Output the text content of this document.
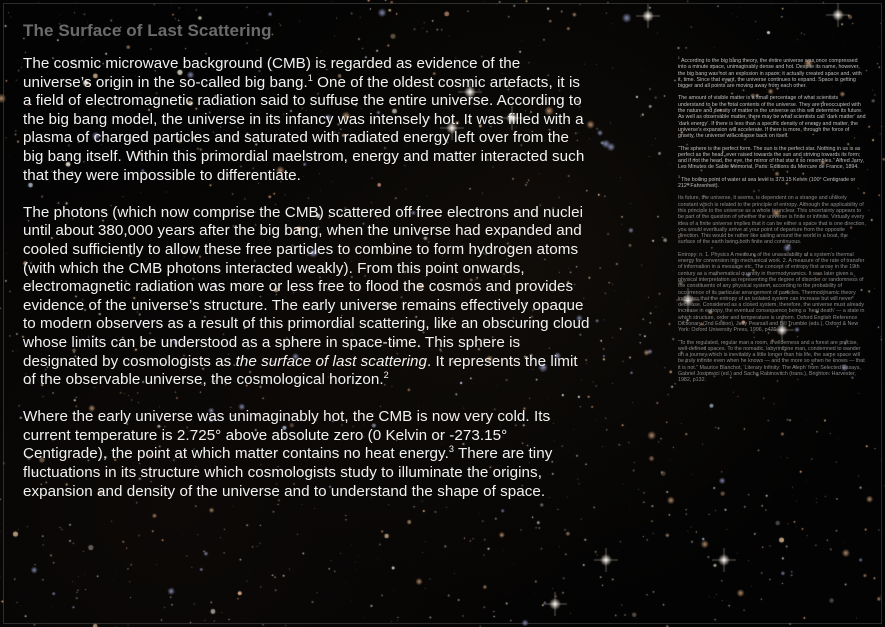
The Surface of Last Scattering

The cosmic microwave background (CMB) is regarded as evidence of the universe’s origin in the so-called big bang.$^1$ One of the oldest cosmic artefacts, it is a field of electromagnetic radiation said to suffuse the entire universe. According to the big bang model, the universe in its infancy was intensely hot. It was filled with a plasma of charged particles and saturated with radiated energy left over from the big bang itself. Within this primordial maelstrom, energy and matter interacted such that they were impossible to differentiate.

The photons (which now comprise the CMB) scattered off free electrons and nuclei until about 380,000 years after the big bang, when the universe had expanded and cooled sufficiently to allow these free particles to combine to form hydrogen atoms (with which the CMB photons interacted weakly). From this point onwards, electromagnetic radiation was more or less free to flood the cosmos and provides evidence of the universe’s structure. The early universe remains effectively opaque to modern observers as a result of this primordial scattering, like an obscuring cloud whose limits can be understood as a sphere in space-time. This sphere is designated by cosmologists as the surface of last scattering. It represents the limit of the observable universe, the cosmological horizon.$^2$

Where the early universe was unimaginably hot, the CMB is now very cold. Its current temperature is 2.725° above absolute zero (0 Kelvin or -273.15° Centigrade), the point at which matter contains no heat energy.$^3$ There are tiny fluctuations in its structure which cosmologists study to illuminate the origins, expansion and density of the universe and to understand the shape of space.

$^1$ According to the big bang theory, the entire universe was once compressed into a minute space, unimaginably dense and hot. Despite its name, however, the big bang was not an explosion in space; it actually created space and, with it, time. Since that event, the universe continues to expand. Space is getting bigger and all points are moving away from each other.
The amount of visible matter is a small percentage of what scientists understand to be the total contents of the universe. They are preoccupied with the nature and density of matter in the universe as this will determine its future. As well as observable matter, there may be what scientists call ‘dark matter’ and ‘dark energy’. If there is less than a specific density of energy and matter, the universe’s expansion will accelerate. If there is more, through the force of gravity, the universe will collapse back on itself.
“The sphere is the perfect form. The sun is the perfect star. Nothing in us is as perfect as the head, ever raised towards the sun and striving towards its form; and if not the head, the eye, the mirror of that star it so resembles.” Alfred Jarry, Les Minutes de Sable Mémorial, Paris: Editions du Mercure de France, 1894.
$^3$ The boiling point of water at sea level is 373.15 Kelvin (100° Centigrade or 212° Fahrenheit).
Its future, the universe, it seems, is dependent on a strange and unlikely constant which is related to the principle of entropy. Although the applicability of this principle to the universe as a whole is unclear. This uncertainty appears to be part of the question of whether the universe is finite or infinite. Virtually every idea of a finite universe implies that it can be either a space that is one direction, you would eventually arrive at your point of departure from the opposite direction. This would be rather like sailing around the world in a boat, the surface of the earth being both finite and continuous.
Entropy: n. 1. Physics A measure of the unavailability of a system’s thermal energy for conversion into mechanical work. 2. A measure of the rate of transfer of information in a message etc. The concept of entropy first arose in the 19th century as a mathematical quantity in thermodynamics. It was later given a physical interpretation as representing the degree of disorder or randomness of the constituents of any physical system, according to the probability of occurrence of its particular arrangement of particles. Thermodynamic theory indicates that the entropy of an isolated system can increase but will never decrease. Considered as a closed system, therefore, the universe must already increase in entropy, the eventual consequence being a ‘heat death’ — a state in which structure, order and temperature is uniform. Oxford English Reference Dictionary (2nd Edition), Judy Pearsall and Bill Trumble (eds.), Oxford & New York: Oxford University Press, 1996, p470.
“To the regulated, regular man a room, a wilderness and a forest are precise, well-defined spaces. To the nomadic, labyrinthine man, condemned to wander on a journey which is inevitably a little longer than his life, the same space will be truly infinite even when he knows — and the more so when he knows — that it is not.” Maurice Blanchot, ‘Literary Infinity: The Aleph’ from Selected Essays, Gabriel Josipovici (ed.) and Sacha Rabinovitch (trans.), Brighton: Harvester, 1982, p132.
